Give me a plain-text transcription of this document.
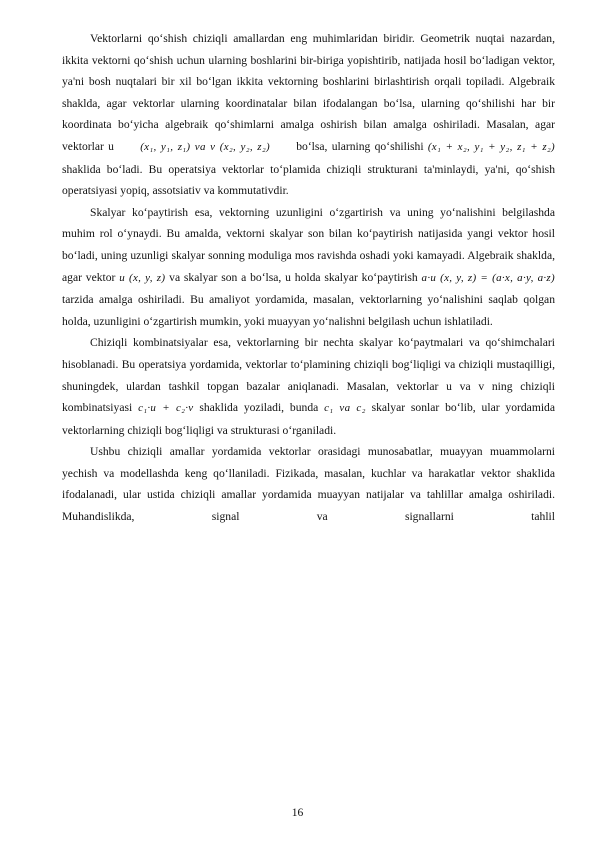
Vektorlarni qo‘shish chiziqli amallardan eng muhimlaridan biridir. Geometrik nuqtai nazardan, ikkita vektorni qo‘shish uchun ularning boshlarini bir-biriga yopishtirib, natijada hosil bo‘ladigan vektor, ya'ni bosh nuqtalari bir xil bo‘lgan ikkita vektorning boshlarini birlashtirish orqali topiladi. Algebraik shaklda, agar vektorlar ularning koordinatalar bilan ifodalangan bo‘lsa, ularning qo‘shilishi har bir koordinata bo‘yicha algebraik qo‘shimlarni amalga oshirish bilan amalga oshiriladi. Masalan, agar vektorlar u (x₁, y₁, z₁) va v (x₂, y₂, z₂) bo‘lsa, ularning qo‘shilishi (x₁ + x₂, y₁ + y₂, z₁ + z₂) shaklida bo‘ladi. Bu operatsiya vektorlar to‘plamida chiziqli strukturani ta'minlaydi, ya'ni, qo‘shish operatsiyasi yopiq, assotsiativ va kommutativdir.

Skalyar ko‘paytirish esa, vektorning uzunligini o‘zgartirish va uning yo‘nalishini belgilashda muhim rol o‘ynaydi. Bu amalda, vektorni skalyar son bilan ko‘paytirish natijasida yangi vektor hosil bo‘ladi, uning uzunligi skalyar sonning moduliga mos ravishda oshadi yoki kamayadi. Algebraik shaklda, agar vektor u (x, y, z) va skalyar son a bo‘lsa, u holda skalyar ko‘paytirish a·u (x, y, z) = (a·x, a·y, a·z) tarzida amalga oshiriladi. Bu amaliyot yordamida, masalan, vektorlarning yo‘nalishini saqlab qolgan holda, uzunligini o‘zgartirish mumkin, yoki muayyan yo‘nalishni belgilash uchun ishlatiladi.

Chiziqli kombinatsiyalar esa, vektorlarning bir nechta skalyar ko‘paytmalari va qo‘shimchalari hisoblanadi. Bu operatsiya yordamida, vektorlar to‘plamining chiziqli bog‘liqligi va chiziqli mustaqilligi, shuningdek, ulardan tashkil topgan bazalar aniqlanadi. Masalan, vektorlar u va v ning chiziqli kombinatsiyasi c₁·u + c₂·v shaklida yoziladi, bunda c₁ va c₂ skalyar sonlar bo‘lib, ular yordamida vektorlarning chiziqli bog‘liqligi va strukturasi o‘rganiladi.

Ushbu chiziqli amallar yordamida vektorlar orasidagi munosabatlar, muayyan muammolarni yechish va modellashda keng qo‘llaniladi. Fizikada, masalan, kuchlar va harakatlar vektor shaklida ifodalanadi, ular ustida chiziqli amallar yordamida muayyan natijalar va tahlillar amalga oshiriladi. Muhandislikda, signal va signallarni tahlil

16
